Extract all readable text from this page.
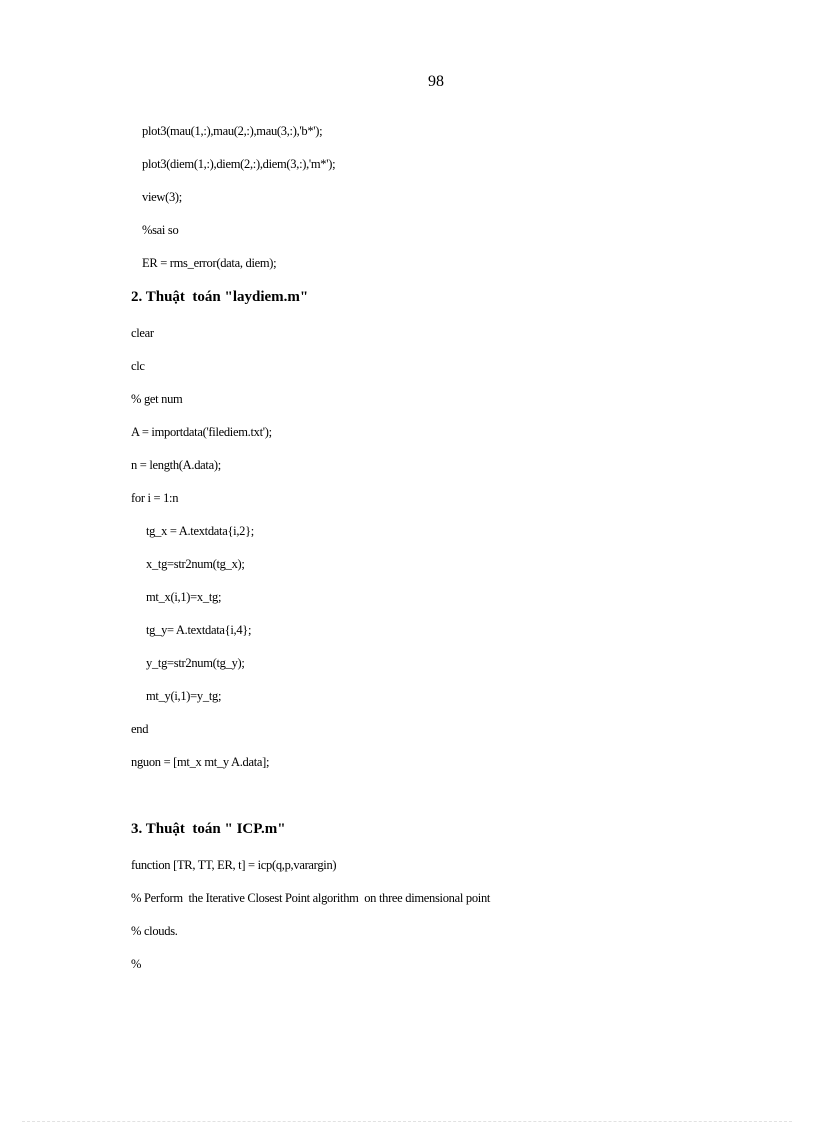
98
plot3(mau(1,:),mau(2,:),mau(3,:),'b*');
plot3(diem(1,:),diem(2,:),diem(3,:),'m*');
view(3);
%sai so
ER = rms_error(data, diem);
2. Thuật  toán "laydiem.m"
clear
clc
% get num
A = importdata('filediem.txt');
n = length(A.data);
for i = 1:n
tg_x = A.textdata{i,2};
x_tg=str2num(tg_x);
mt_x(i,1)=x_tg;
tg_y= A.textdata{i,4};
y_tg=str2num(tg_y);
mt_y(i,1)=y_tg;
end
nguon = [mt_x mt_y A.data];
3. Thuật  toán " ICP.m"
function [TR, TT, ER, t] = icp(q,p,varargin)
% Perform  the Iterative Closest Point algorithm  on three dimensional point
% clouds.
%
